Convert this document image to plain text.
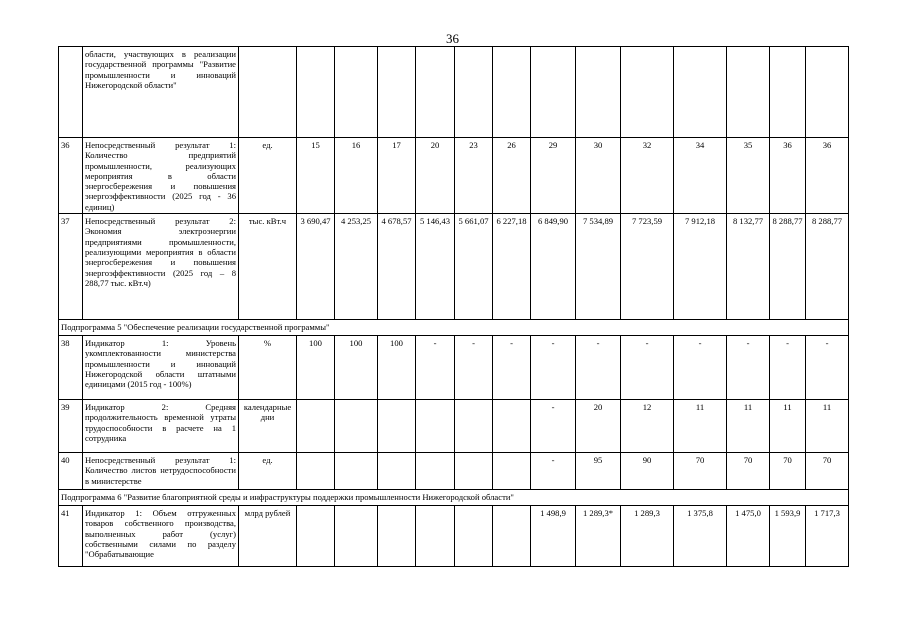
36
	области, участвующих в реализации государственной программы "Развитие промышленности и инноваций Нижегородской области"														
36	Непосредственный результат 1: Количество предприятий промышленности, реализующих мероприятия в области энергосбережения и повышения энергоэффективности (2025 год - 36 единиц)	ед.	15	16	17	20	23	26	29	30	32	34	35	36	36
37	Непосредственный результат 2: Экономия электроэнергии предприятиями промышленности, реализующими мероприятия в области энергосбережения и повышения энергоэффективности (2025 год – 8 288,77 тыс. кВт.ч)	тыс. кВт.ч	3 690,47	4 253,25	4 678,57	5 146,43	5 661,07	6 227,18	6 849,90	7 534,89	7 723,59	7 912,18	8 132,77	8 288,77	8 288,77
Подпрограмма 5 "Обеспечение реализации государственной программы"															
38	Индикатор 1: Уровень укомплектованности министерства промышленности и инноваций Нижегородской области штатными единицами (2015 год - 100%)	%	100	100	100	-	-	-	-	-	-	-	-	-	-
39	Индикатор 2: Средняя продолжительность временной утраты трудоспособности в расчете на 1 сотрудника	календарные дни							-	20	12	11	11	11	11
40	Непосредственный результат 1: Количество листов нетрудоспособности в министерстве	ед.							-	95	90	70	70	70	70
Подпрограмма 6 "Развитие благоприятной среды и инфраструктуры поддержки промышленности Нижегородской области"															
41	Индикатор 1: Объем отгруженных товаров собственного производства, выполненных работ (услуг) собственными силами по разделу "Обрабатывающие	млрд рублей							1 498,9	1 289,3*	1 289,3	1 375,8	1 475,0	1 593,9	1 717,3
